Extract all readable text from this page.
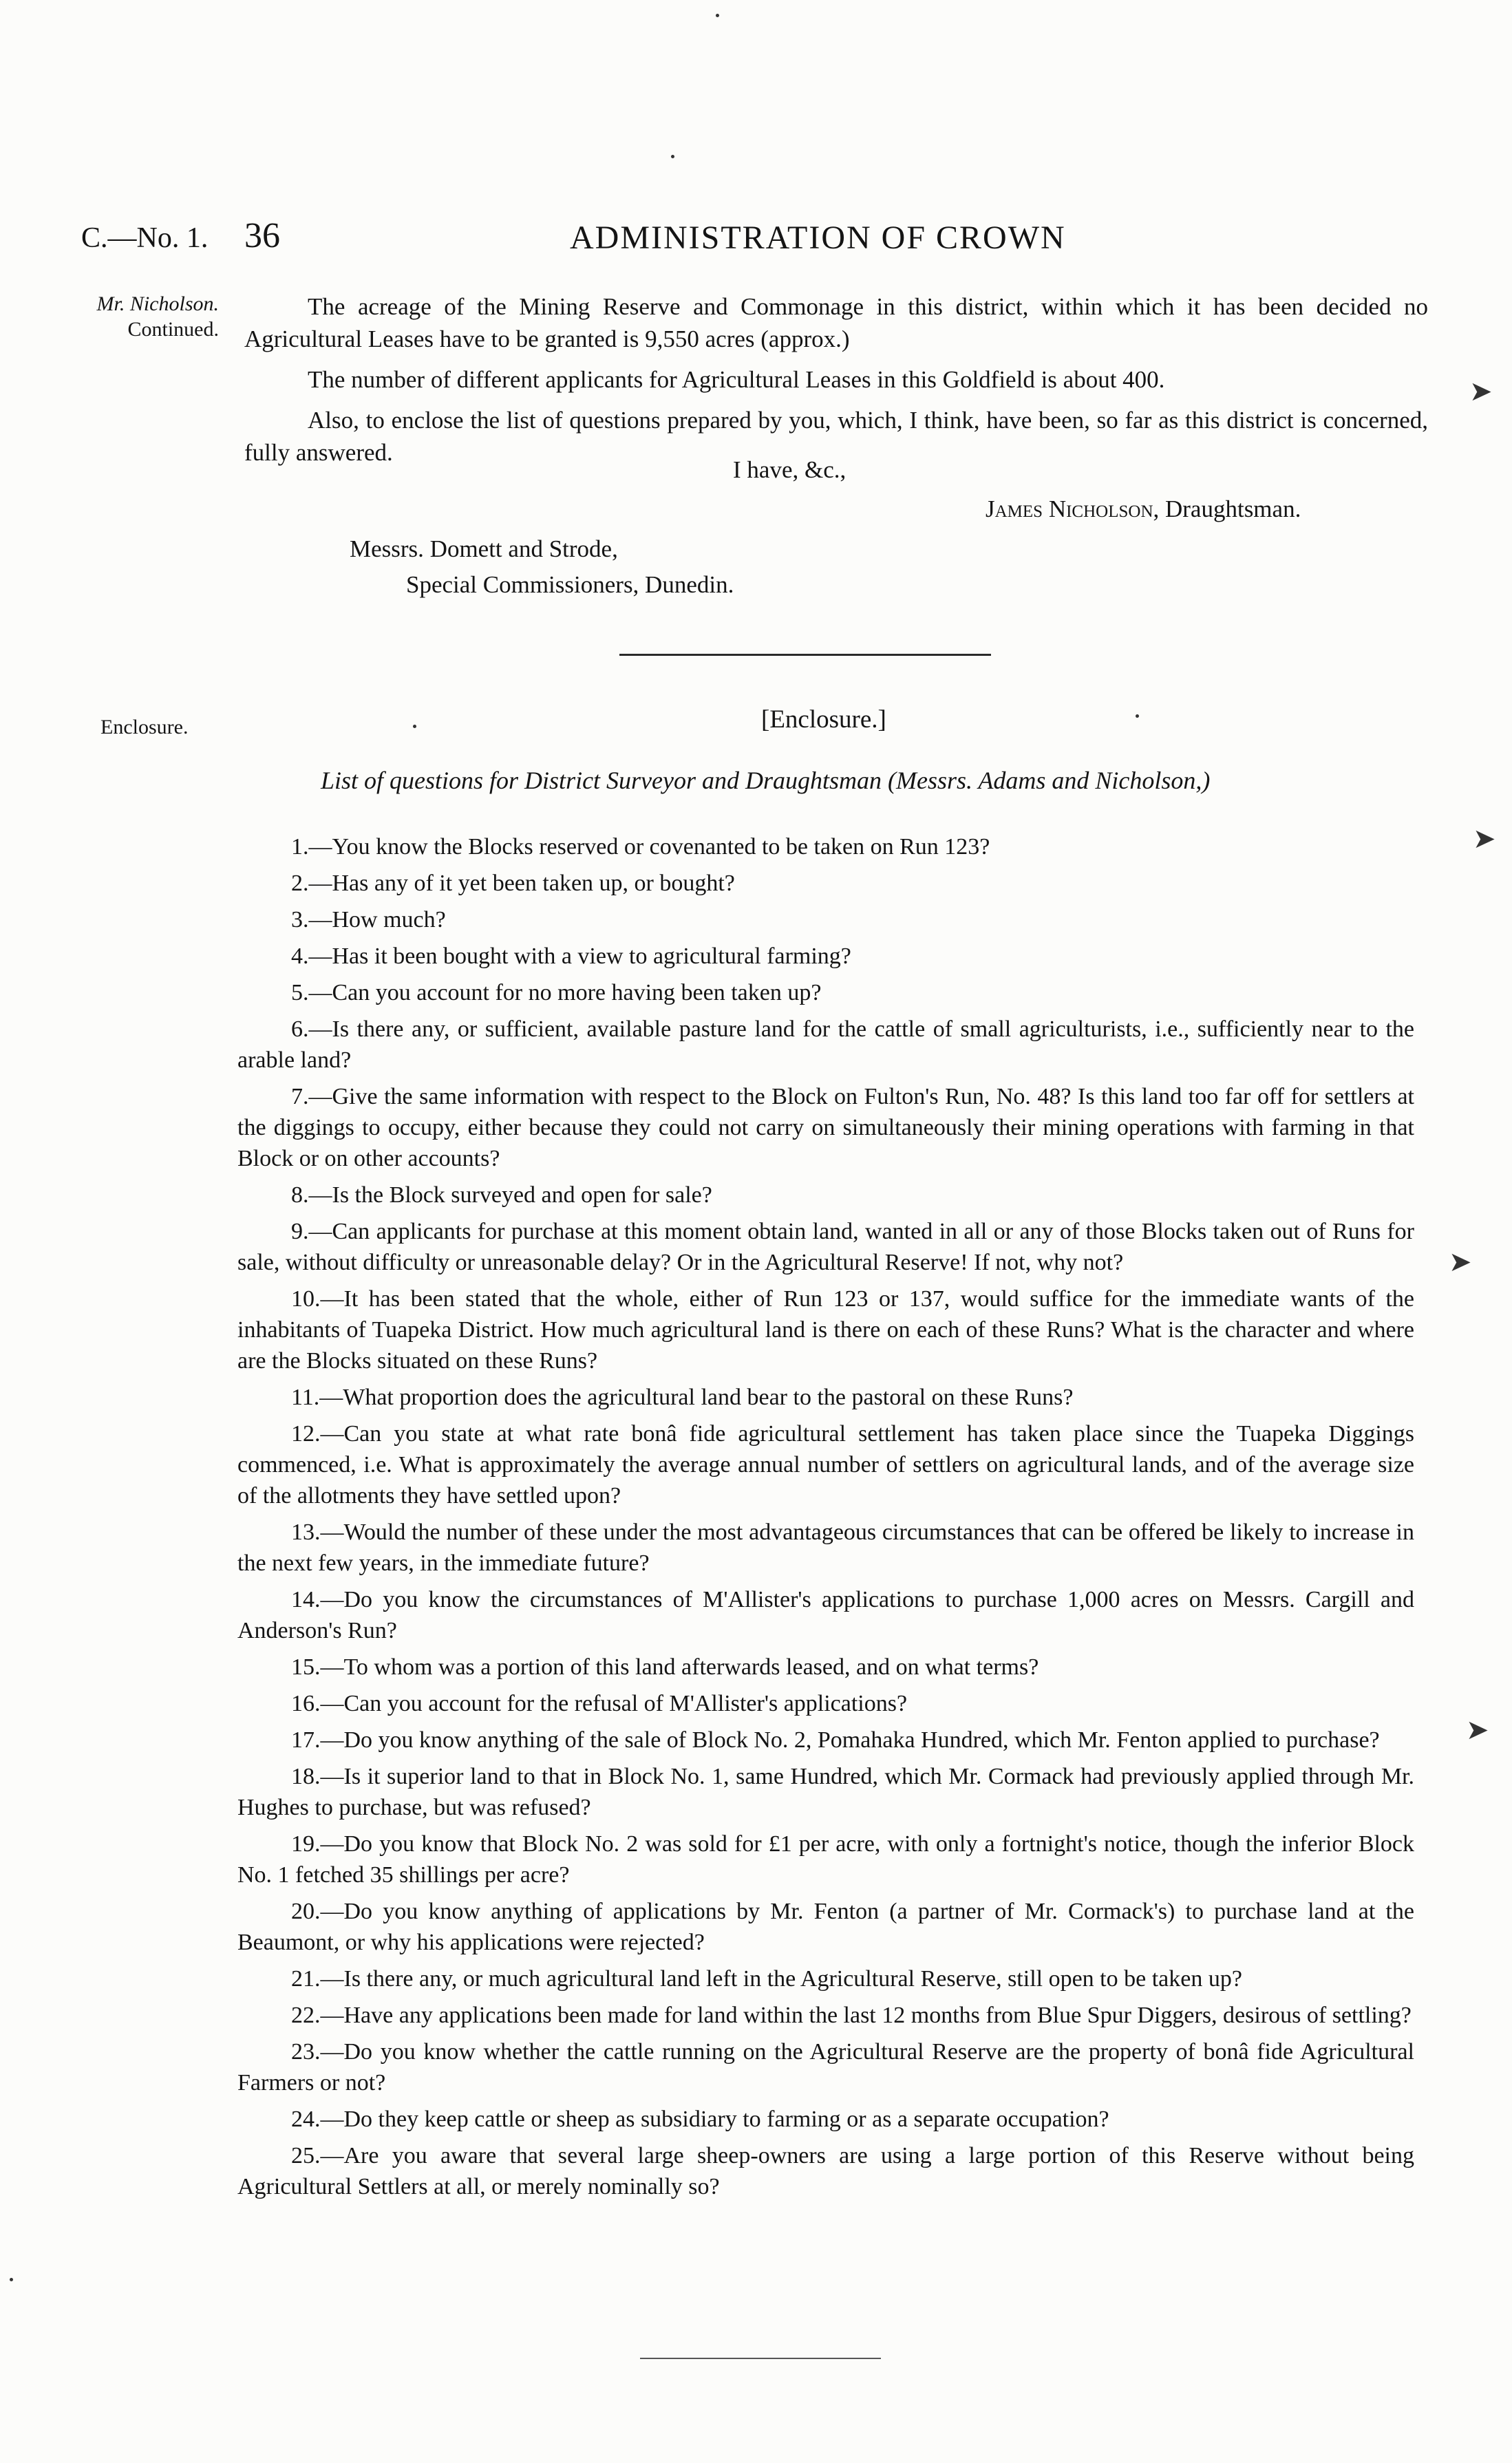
C.—No. 1. 36	ADMINISTRATION OF CROWN
Mr. Nicholson.
Continued.

The acreage of the Mining Reserve and Commonage in this district, within which it has been decided no Agricultural Leases have to be granted is 9,550 acres (approx.)

The number of different applicants for Agricultural Leases in this Goldfield is about 400.

Also, to enclose the list of questions prepared by you, which, I think, have been, so far as this district is concerned, fully answered.

I have, &c.,
James Nicholson, Draughtsman.
Messrs. Domett and Strode,
Special Commissioners, Dunedin.
Enclosure.	[Enclosure.]
List of questions for District Surveyor and Draughtsman (Messrs. Adams and Nicholson,)

1.—You know the Blocks reserved or covenanted to be taken on Run 123?

2.—Has any of it yet been taken up, or bought?

3.—How much?

4.—Has it been bought with a view to agricultural farming?

5.—Can you account for no more having been taken up?

6.—Is there any, or sufficient, available pasture land for the cattle of small agriculturists, i.e., sufficiently near to the arable land?

7.—Give the same information with respect to the Block on Fulton's Run, No. 48? Is this land too far off for settlers at the diggings to occupy, either because they could not carry on simultaneously their mining operations with farming in that Block or on other accounts?

8.—Is the Block surveyed and open for sale?

9.—Can applicants for purchase at this moment obtain land, wanted in all or any of those Blocks taken out of Runs for sale, without difficulty or unreasonable delay? Or in the Agricultural Reserve! If not, why not?

10.—It has been stated that the whole, either of Run 123 or 137, would suffice for the immediate wants of the inhabitants of Tuapeka District. How much agricultural land is there on each of these Runs? What is the character and where are the Blocks situated on these Runs?

11.—What proportion does the agricultural land bear to the pastoral on these Runs?

12.—Can you state at what rate bonâ fide agricultural settlement has taken place since the Tuapeka Diggings commenced, i.e. What is approximately the average annual number of settlers on agricultural lands, and of the average size of the allotments they have settled upon?

13.—Would the number of these under the most advantageous circumstances that can be offered be likely to increase in the next few years, in the immediate future?

14.—Do you know the circumstances of M'Allister's applications to purchase 1,000 acres on Messrs. Cargill and Anderson's Run?

15.—To whom was a portion of this land afterwards leased, and on what terms?

16.—Can you account for the refusal of M'Allister's applications?

17.—Do you know anything of the sale of Block No. 2, Pomahaka Hundred, which Mr. Fenton applied to purchase?

18.—Is it superior land to that in Block No. 1, same Hundred, which Mr. Cormack had previously applied through Mr. Hughes to purchase, but was refused?

19.—Do you know that Block No. 2 was sold for £1 per acre, with only a fortnight's notice, though the inferior Block No. 1 fetched 35 shillings per acre?

20.—Do you know anything of applications by Mr. Fenton (a partner of Mr. Cormack's) to purchase land at the Beaumont, or why his applications were rejected?

21.—Is there any, or much agricultural land left in the Agricultural Reserve, still open to be taken up?

22.—Have any applications been made for land within the last 12 months from Blue Spur Diggers, desirous of settling?

23.—Do you know whether the cattle running on the Agricultural Reserve are the property of bonâ fide Agricultural Farmers or not?

24.—Do they keep cattle or sheep as subsidiary to farming or as a separate occupation?

25.—Are you aware that several large sheep-owners are using a large portion of this Reserve without being Agricultural Settlers at all, or merely nominally so?

➤
➤
➤
➤
